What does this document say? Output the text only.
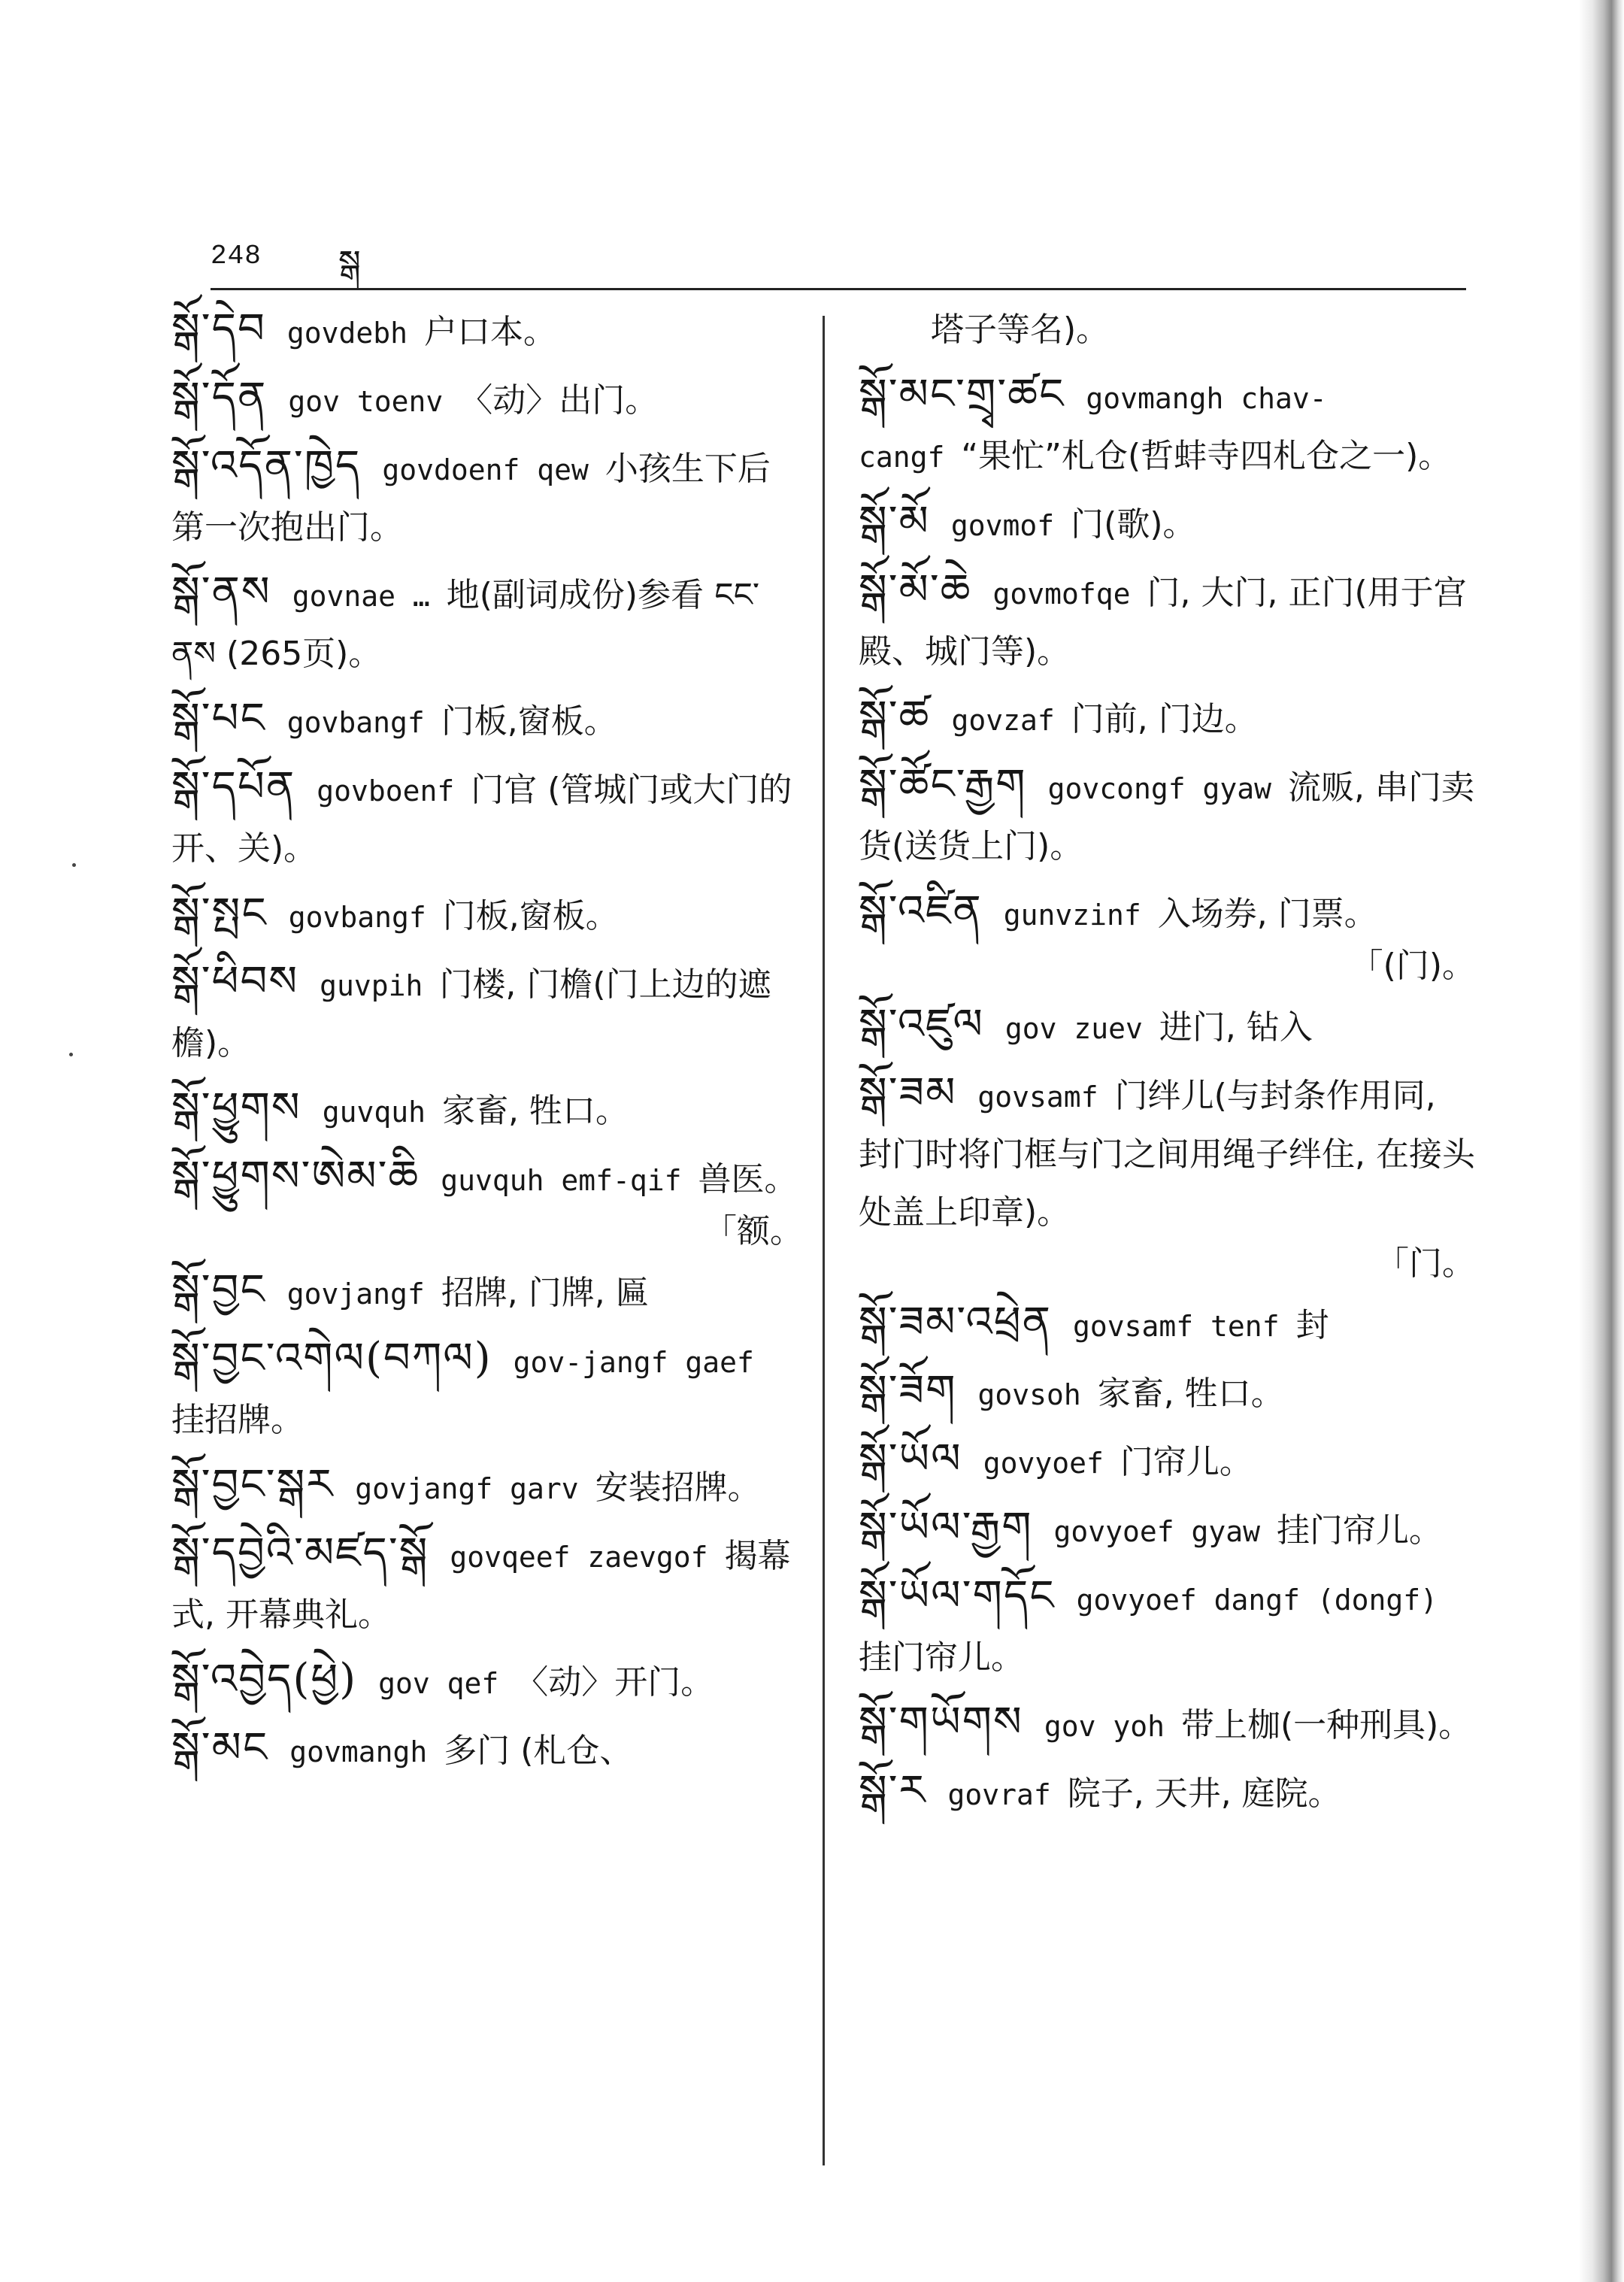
248 སྒ
སྒོ་དེབ govdebh 户口本。
སྒོ་དོན gov toenv 〈动〉出门。
སྒོ་འདོན་ཁྱེད govdoenf qew 小孩生下后第一次抱出门。
སྒོ་ནས govnae … 地(副词成份)参看 ངང་ནས (265页)。
སྒོ་པང govbangf 门板,窗板。
སྒོ་དཔོན govboenf 门官 (管城门或大门的开、关)。
སྒོ་སྤང govbangf 门板,窗板。
སྒོ་ཕིབས guvpih 门楼, 门檐(门上边的遮檐)。
སྒོ་ཕྱུགས guvquh 家畜, 牲口。
སྒོ་ཕྱུགས་ཨེམ་ཆི guvquh emf-qif 兽医。
「额。
སྒོ་བྱང govjangf 招牌, 门牌, 匾
སྒོ་བྱང་འགེལ(བཀལ) gov-jangf gaef挂招牌。
སྒོ་བྱང་སྒར govjangf garv 安装招牌。
སྒོ་དབྱེའི་མཛད་སྒོ govqeef zaevgof 揭幕式, 开幕典礼。
སྒོ་འབྱེད(ཕྱེ) gov qef 〈动〉开门。
སྒོ་མང govmangh 多门 (札仓、
塔子等名)。
སྒོ་མང་གྲྭ་ཚང govmangh chav-cangf “果忙”札仓(哲蚌寺四札仓之一)。
སྒོ་མོ govmof 门(歌)。
སྒོ་མོ་ཆེ govmofqe 门, 大门, 正门(用于宫殿、城门等)。
སྒོ་ཚ govzaf 门前, 门边。
སྒོ་ཚོང་རྒྱག govcongf gyaw 流贩, 串门卖货(送货上门)。
སྒོ་འཛིན gunvzinf 入场券, 门票。
「(门)。
སྒོ་འཛུལ gov zuev 进门, 钻入
སྒོ་ཟམ govsamf 门绊儿(与封条作用同, 封门时将门框与门之间用绳子绊住, 在接头处盖上印章)。
「门。
སྒོ་ཟམ་འཕྲེན govsamf tenf 封
སྒོ་ཟོག govsoh 家畜, 牲口。
སྒོ་ཡོལ govyoef 门帘儿。
སྒོ་ཡོལ་རྒྱག govyoef gyaw 挂门帘儿。
སྒོ་ཡོལ་གདོང govyoef dangf (dongf)挂门帘儿。
སྒོ་གཡོགས gov yoh 带上枷(一种刑具)。
སྒོ་ར govraf 院子, 天井, 庭院。
